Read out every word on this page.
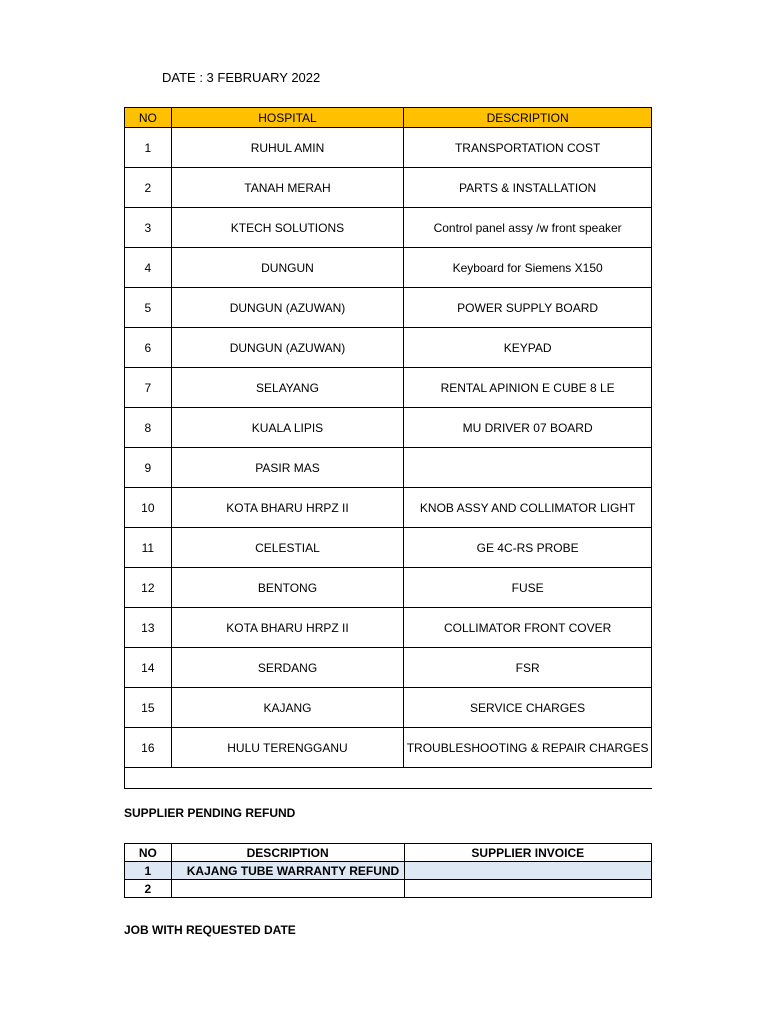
DATE : 3 FEBRUARY 2022
NO	HOSPITAL	DESCRIPTION
1	RUHUL AMIN	TRANSPORTATION COST
2	TANAH MERAH	PARTS & INSTALLATION
3	KTECH SOLUTIONS	Control panel assy /w front speaker
4	DUNGUN	Keyboard for Siemens X150
5	DUNGUN (AZUWAN)	POWER SUPPLY BOARD
6	DUNGUN (AZUWAN)	KEYPAD
7	SELAYANG	RENTAL APINION E CUBE 8 LE
8	KUALA LIPIS	MU DRIVER 07 BOARD
9	PASIR MAS	
10	KOTA BHARU HRPZ II	KNOB ASSY AND COLLIMATOR LIGHT
11	CELESTIAL	GE 4C-RS PROBE
12	BENTONG	FUSE
13	KOTA BHARU HRPZ II	COLLIMATOR FRONT COVER
14	SERDANG	FSR
15	KAJANG	SERVICE CHARGES
16	HULU TERENGGANU	TROUBLESHOOTING & REPAIR CHARGES

SUPPLIER PENDING REFUND
NO	DESCRIPTION	SUPPLIER INVOICE
1	KAJANG TUBE WARRANTY REFUND	
2		
JOB WITH REQUESTED DATE
